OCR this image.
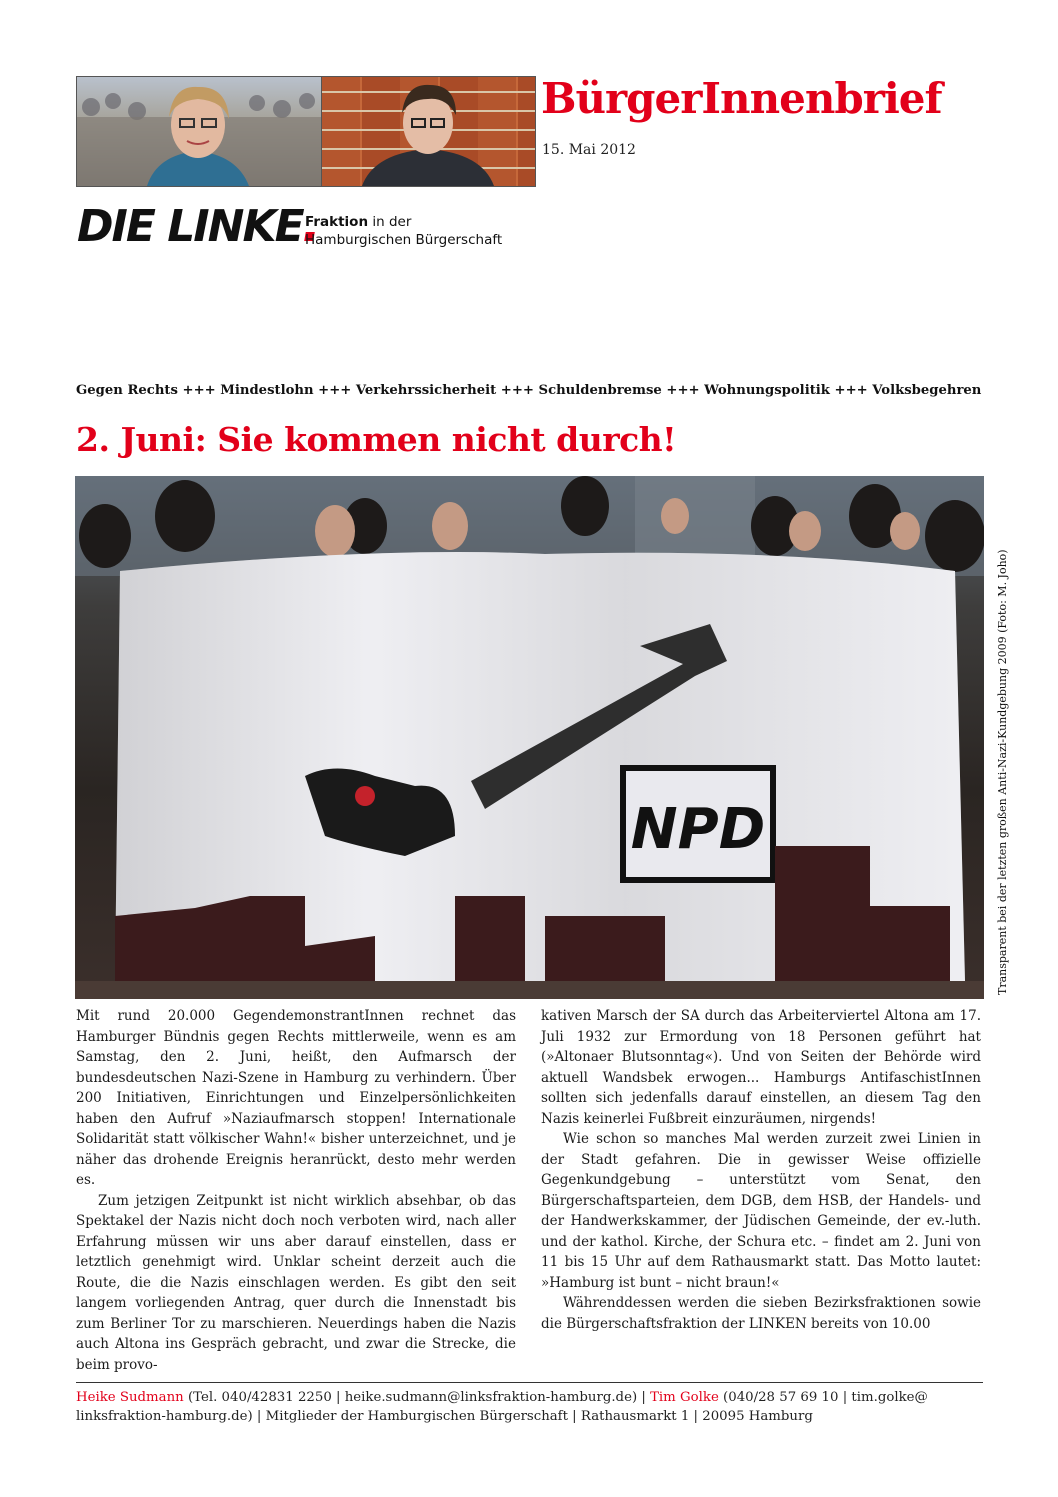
BürgerInnenbrief
15. Mai 2012
DIE LINKE Fraktion in der
Hamburgischen Bürgerschaft
Gegen Rechts +++ Mindestlohn +++ Verkehrssicherheit +++ Schuldenbremse +++ Wohnungspolitik +++ Volksbegehren
2. Juni: Sie kommen nicht durch!
NPD	Transparent bei der letzten großen Anti-Nazi-Kundgebung 2009 (Foto: M. Joho)

Mit rund 20.000 GegendemonstrantInnen rechnet das Hamburger Bündnis gegen Rechts mittlerweile, wenn es am Samstag, den 2. Juni, heißt, den Aufmarsch der bundesdeutschen Nazi-Szene in Hamburg zu verhindern. Über 200 Initiativen, Einrichtungen und Einzelpersönlichkeiten haben den Aufruf »Naziaufmarsch stoppen! Internationale Solidarität statt völkischer Wahn!« bisher unterzeichnet, und je näher das drohende Ereignis heranrückt, desto mehr werden es.

Zum jetzigen Zeitpunkt ist nicht wirklich absehbar, ob das Spektakel der Nazis nicht doch noch verboten wird, nach aller Erfahrung müssen wir uns aber darauf einstellen, dass er letztlich genehmigt wird. Unklar scheint derzeit auch die Route, die die Nazis einschlagen werden. Es gibt den seit langem vorliegenden Antrag, quer durch die Innenstadt bis zum Berliner Tor zu marschieren. Neuerdings haben die Nazis auch Altona ins Gespräch gebracht, und zwar die Strecke, die beim provo-

kativen Marsch der SA durch das Arbeiterviertel Altona am 17. Juli 1932 zur Ermordung von 18 Personen geführt hat (»Altonaer Blutsonntag«). Und von Seiten der Behörde wird aktuell Wandsbek erwogen... Hamburgs AntifaschistInnen sollten sich jedenfalls darauf einstellen, an diesem Tag den Nazis keinerlei Fußbreit einzuräumen, nirgends!

Wie schon so manches Mal werden zurzeit zwei Linien in der Stadt gefahren. Die in gewisser Weise offizielle Gegenkundgebung – unterstützt vom Senat, den Bürgerschaftsparteien, dem DGB, dem HSB, der Handels- und der Handwerkskammer, der Jüdischen Gemeinde, der ev.-luth. und der kathol. Kirche, der Schura etc. – findet am 2. Juni von 11 bis 15 Uhr auf dem Rathausmarkt statt. Das Motto lautet: »Hamburg ist bunt – nicht braun!«

Währenddessen werden die sieben Bezirksfraktionen sowie die Bürgerschaftsfraktion der LINKEN bereits von 10.00

Heike Sudmann (Tel. 040/42831 2250 | heike.sudmann@linksfraktion-hamburg.de) | Tim Golke (040/28 57 69 10 | tim.golke@
linksfraktion-hamburg.de) | Mitglieder der Hamburgischen Bürgerschaft | Rathausmarkt 1 | 20095 Hamburg
